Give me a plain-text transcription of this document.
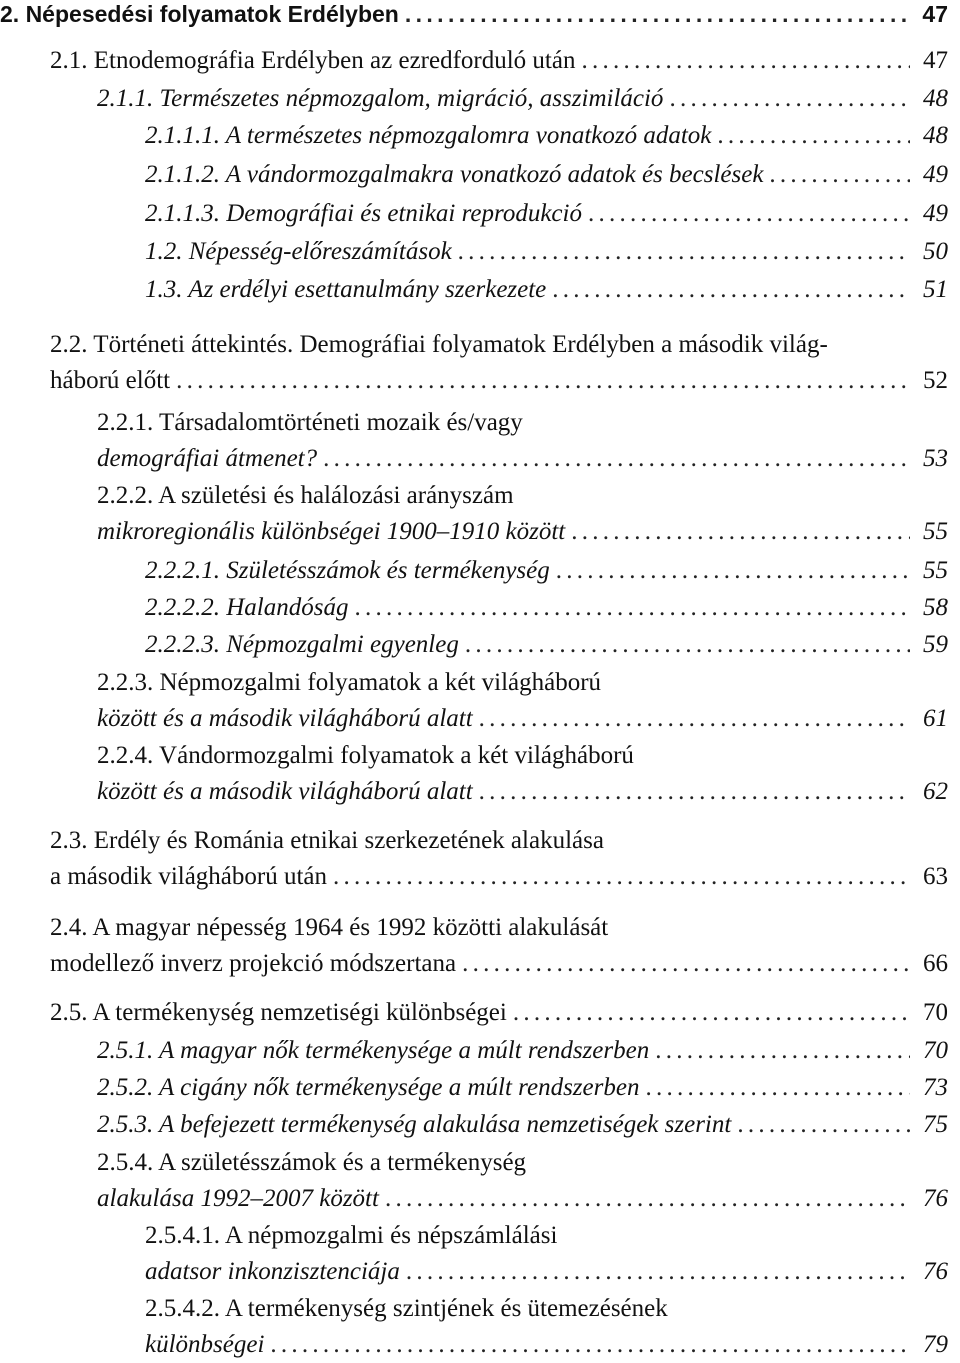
2. Népesedési folyamatok Erdélyben . . .	47
2.1. Etnodemográfia Erdélyben az ezredforduló után . . .	47
2.1.1. Természetes népmozgalom, migráció, asszimiláció . . .	48
2.1.1.1. A természetes népmozgalomra vonatkozó adatok . . .	48
2.1.1.2. A vándormozgalmakra vonatkozó adatok és becslések . . .	49
2.1.1.3. Demográfiai és etnikai reprodukció . . .	49
1.2. Népesség-előreszámítások . . .	50
1.3. Az erdélyi esettanulmány szerkezete . . .	51
2.2. Történeti áttekintés. Demográfiai folyamatok Erdélyben a második világ-
háború előtt . . .	52
2.2.1. Társadalomtörténeti mozaik és/vagy
demográfiai átmenet? . . .	53
2.2.2. A születési és halálozási arányszám
mikroregionális különbségei 1900–1910 között . . .	55
2.2.2.1. Születésszámok és termékenység . . .	55
2.2.2.2. Halandóság . . .	58
2.2.2.3. Népmozgalmi egyenleg . . .	59
2.2.3. Népmozgalmi folyamatok a két világháború
között és a második világháború alatt . . .	61
2.2.4. Vándormozgalmi folyamatok a két világháború
között és a második világháború alatt . . .	62
2.3. Erdély és Románia etnikai szerkezetének alakulása
a második világháború után . . .	63
2.4. A magyar népesség 1964 és 1992 közötti alakulását
modellező inverz projekció módszertana . . .	66
2.5. A termékenység nemzetiségi különbségei . . .	70
2.5.1. A magyar nők termékenysége a múlt rendszerben . . .	70
2.5.2. A cigány nők termékenysége a múlt rendszerben . . .	73
2.5.3. A befejezett termékenység alakulása nemzetiségek szerint . . .	75
2.5.4. A születésszámok és a termékenység
alakulása 1992–2007 között . . .	76
2.5.4.1. A népmozgalmi és népszámlálási
adatsor inkonzisztenciája . . .	76
2.5.4.2. A termékenység szintjének és ütemezésének
különbségei . . .	79
